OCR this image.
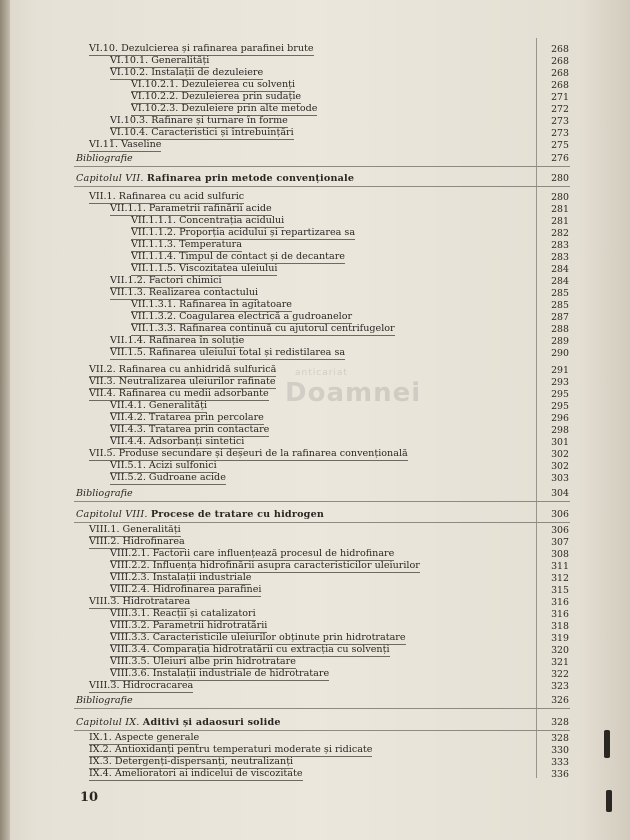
VI.10. Dezulcierea și rafinarea parafinei brute	268
VI.10.1. Generalități	268
VI.10.2. Instalații de dezuleiere	268
VI.10.2.1. Dezuleierea cu solvenți	268
VI.10.2.2. Dezuleierea prin sudație	271
VI.10.2.3. Dezuleiere prin alte metode	272
VI.10.3. Rafinare și turnare în forme	273
VI.10.4. Caracteristici și întrebuințări	273
VI.11. Vaseline	275
Bibliografie	276
Capitolul VII. Rafinarea prin metode convenționale	280
VII.1. Rafinarea cu acid sulfuric	280
VII.1.1. Parametrii rafinării acide	281
VII.1.1.1. Concentrația acidului	281
VII.1.1.2. Proporția acidului și repartizarea sa	282
VII.1.1.3. Temperatura	283
VII.1.1.4. Timpul de contact și de decantare	283
VII.1.1.5. Viscozitatea uleiului	284
VII.1.2. Factori chimici	284
VII.1.3. Realizarea contactului	285
VII.1.3.1. Rafinarea în agitatoare	285
VII.1.3.2. Coagularea electrică a gudroanelor	287
VII.1.3.3. Rafinarea continuă cu ajutorul centrifugelor	288
VII.1.4. Rafinarea în soluție	289
VII.1.5. Rafinarea uleiului total și redistilarea sa	290
VII.2. Rafinarea cu anhidridă sulfurică	291
VII.3. Neutralizarea uleiurilor rafinate	293
VII.4. Rafinarea cu medii adsorbante	295
VII.4.1. Generalități	295
VII.4.2. Tratarea prin percolare	296
VII.4.3. Tratarea prin contactare	298
VII.4.4. Adsorbanți sintetici	301
VII.5. Produse secundare și deșeuri de la rafinarea convențională	302
VII.5.1. Acizi sulfonici	302
VII.5.2. Gudroane acide	303
Bibliografie	304
Capitolul VIII. Procese de tratare cu hidrogen	306
VIII.1. Generalități	306
VIII.2. Hidrofinarea	307
VIII.2.1. Factorii care influențează procesul de hidrofinare	308
VIII.2.2. Influența hidrofinării asupra caracteristicilor uleiurilor	311
VIII.2.3. Instalații industriale	312
VIII.2.4. Hidrofinarea parafinei	315
VIII.3. Hidrotratarea	316
VIII.3.1. Reacții și catalizatori	316
VIII.3.2. Parametrii hidrotratării	318
VIII.3.3. Caracteristicile uleiurilor obținute prin hidrotratare	319
VIII.3.4. Comparația hidrotratării cu extracția cu solvenți	320
VIII.3.5. Uleiuri albe prin hidrotratare	321
VIII.3.6. Instalații industriale de hidrotratare	322
VIII.3. Hidrocracarea	323
Bibliografie	326
Capitolul IX. Aditivi și adaosuri solide	328
IX.1. Aspecte generale	328
IX.2. Antioxidanți pentru temperaturi moderate și ridicate	330
IX.3. Detergenți-dispersanți, neutralizanți	333
IX.4. Amelioratori ai indicelui de viscozitate	336
anticariat
Doamnei
10
